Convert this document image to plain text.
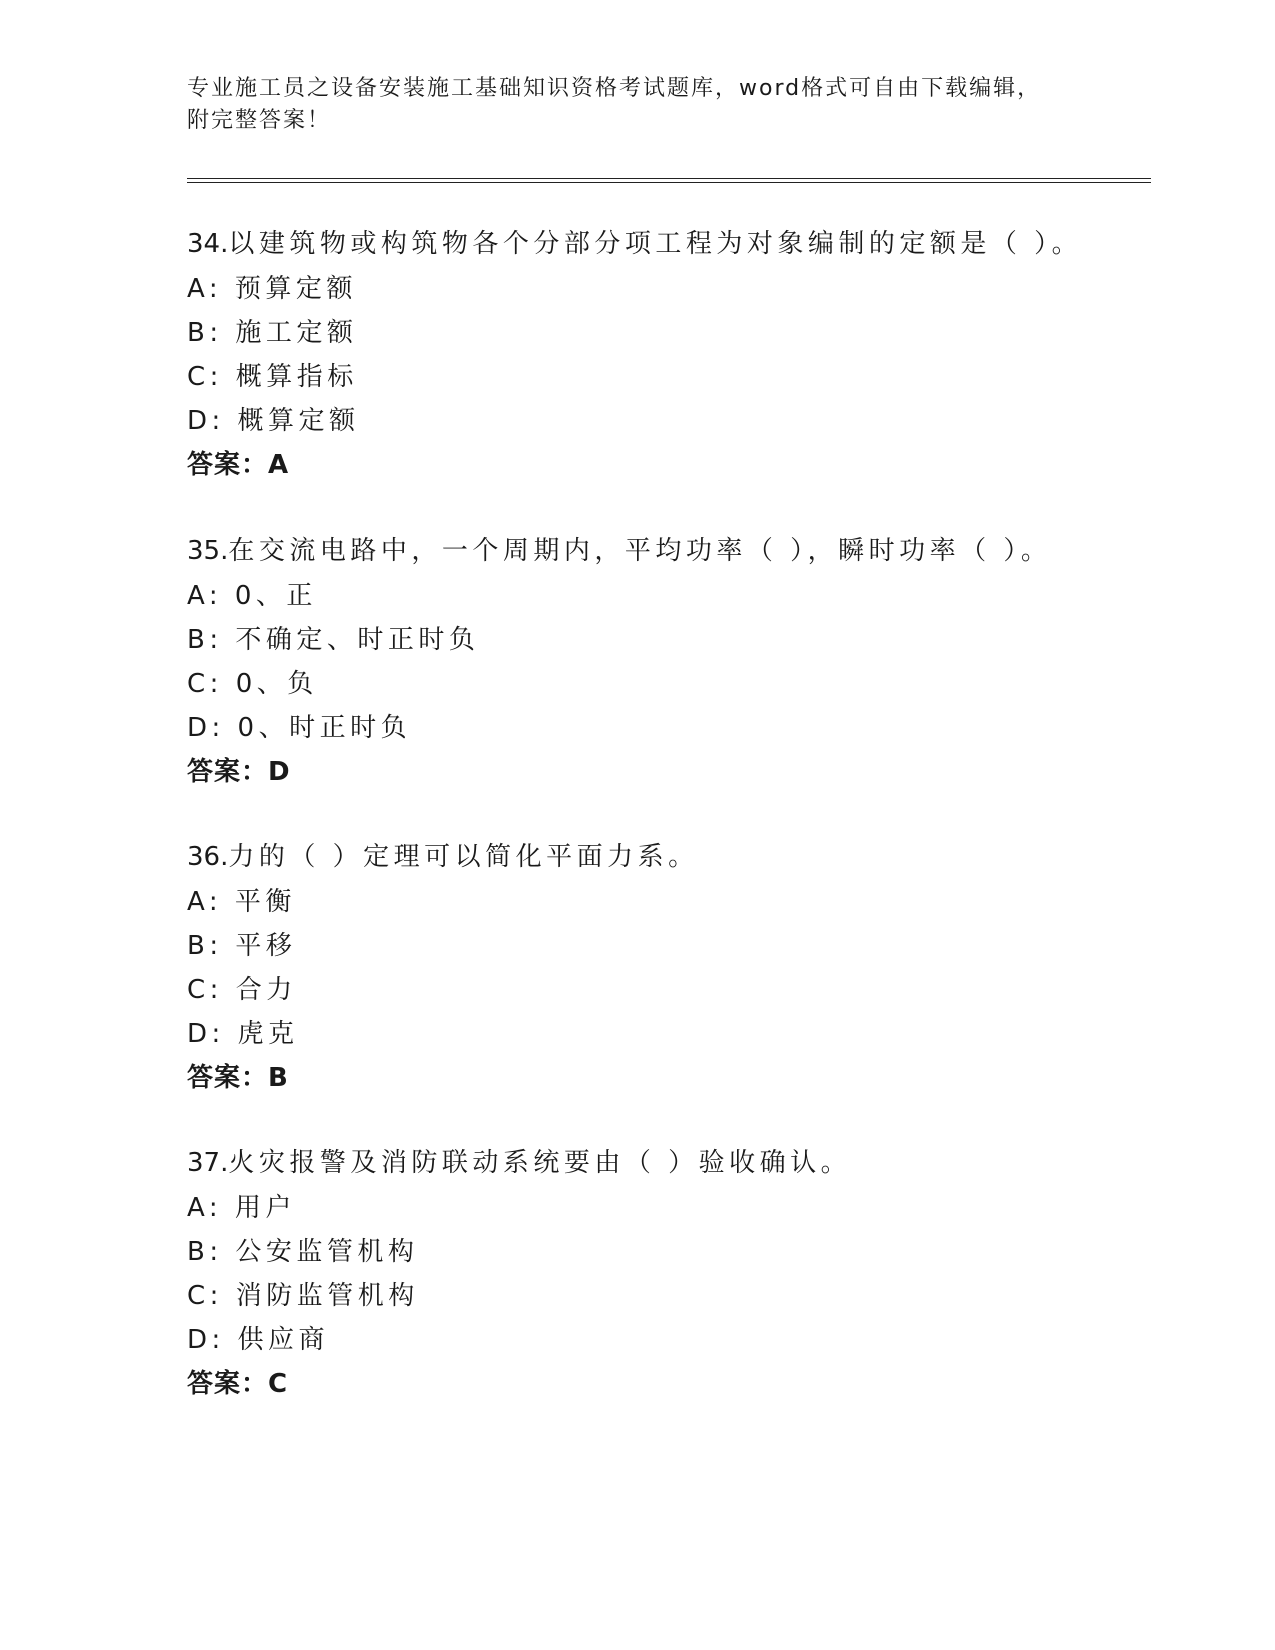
专业施工员之设备安装施工基础知识资格考试题库，word格式可自由下载编辑，
附完整答案！
34.以建筑物或构筑物各个分部分项工程为对象编制的定额是（ ）。
A: 预算定额
B: 施工定额
C: 概算指标
D: 概算定额
答案：A
35.在交流电路中，一个周期内，平均功率（ ），瞬时功率（ ）。
A: 0、正
B: 不确定、时正时负
C: 0、负
D: 0、时正时负
答案：D
36.力的（ ）定理可以简化平面力系。
A: 平衡
B: 平移
C: 合力
D: 虎克
答案：B
37.火灾报警及消防联动系统要由（ ）验收确认。
A: 用户
B: 公安监管机构
C: 消防监管机构
D: 供应商
答案：C
